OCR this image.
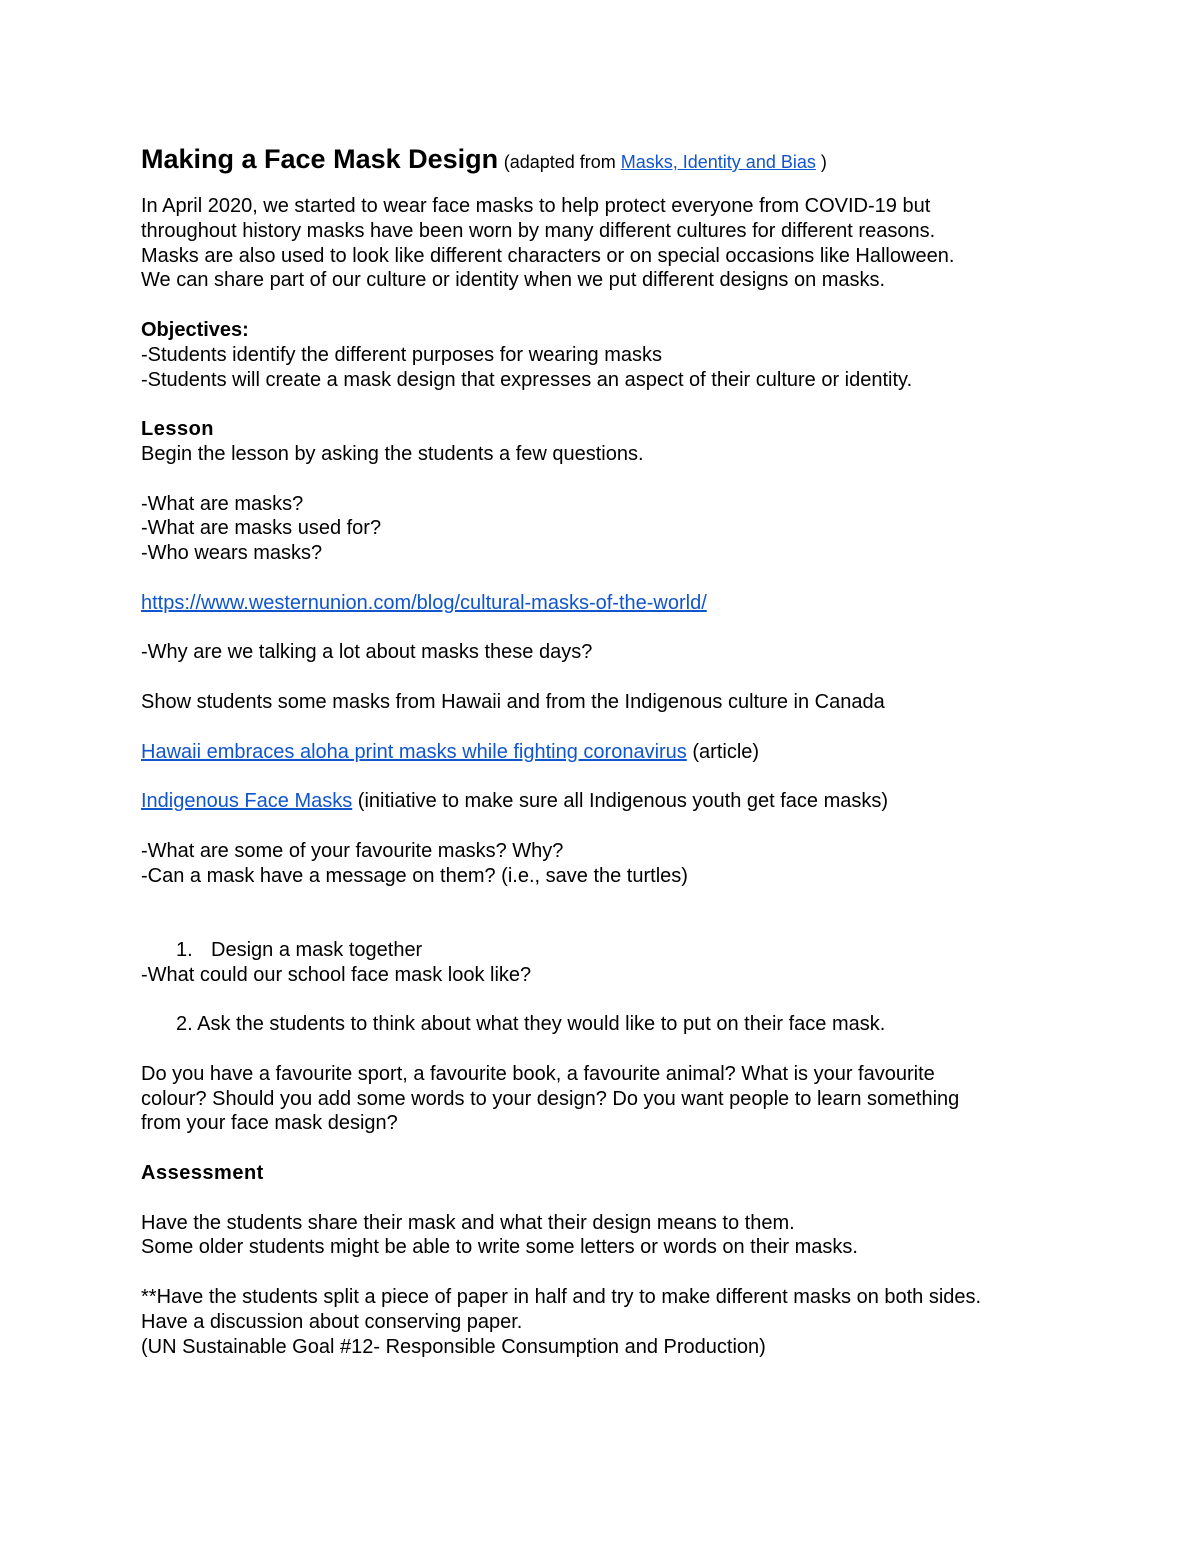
Making a Face Mask Design (adapted from Masks, Identity and Bias )

In April 2020, we started to wear face masks to help protect everyone from COVID-19 but

throughout history masks have been worn by many different cultures for different reasons.

Masks are also used to look like different characters or on special occasions like Halloween.

We can share part of our culture or identity when we put different designs on masks.

Objectives:

-Students identify the different purposes for wearing masks

-Students will create a mask design that expresses an aspect of their culture or identity.

Lesson

Begin the lesson by asking the students a few questions.

-What are masks?

-What are masks used for?

-Who wears masks?

https://www.westernunion.com/blog/cultural-masks-of-the-world/

-Why are we talking a lot about masks these days?

Show students some masks from Hawaii and from the Indigenous culture in Canada

Hawaii embraces aloha print masks while fighting coronavirus (article)

Indigenous Face Masks (initiative to make sure all Indigenous youth get face masks)

-What are some of your favourite masks? Why?

-Can a mask have a message on them? (i.e., save the turtles)

1. Design a mask together

-What could our school face mask look like?

2. Ask the students to think about what they would like to put on their face mask.

Do you have a favourite sport, a favourite book, a favourite animal? What is your favourite

colour? Should you add some words to your design? Do you want people to learn something

from your face mask design?

Assessment

Have the students share their mask and what their design means to them.

Some older students might be able to write some letters or words on their masks.

**Have the students split a piece of paper in half and try to make different masks on both sides.

Have a discussion about conserving paper.

(UN Sustainable Goal #12- Responsible Consumption and Production)
